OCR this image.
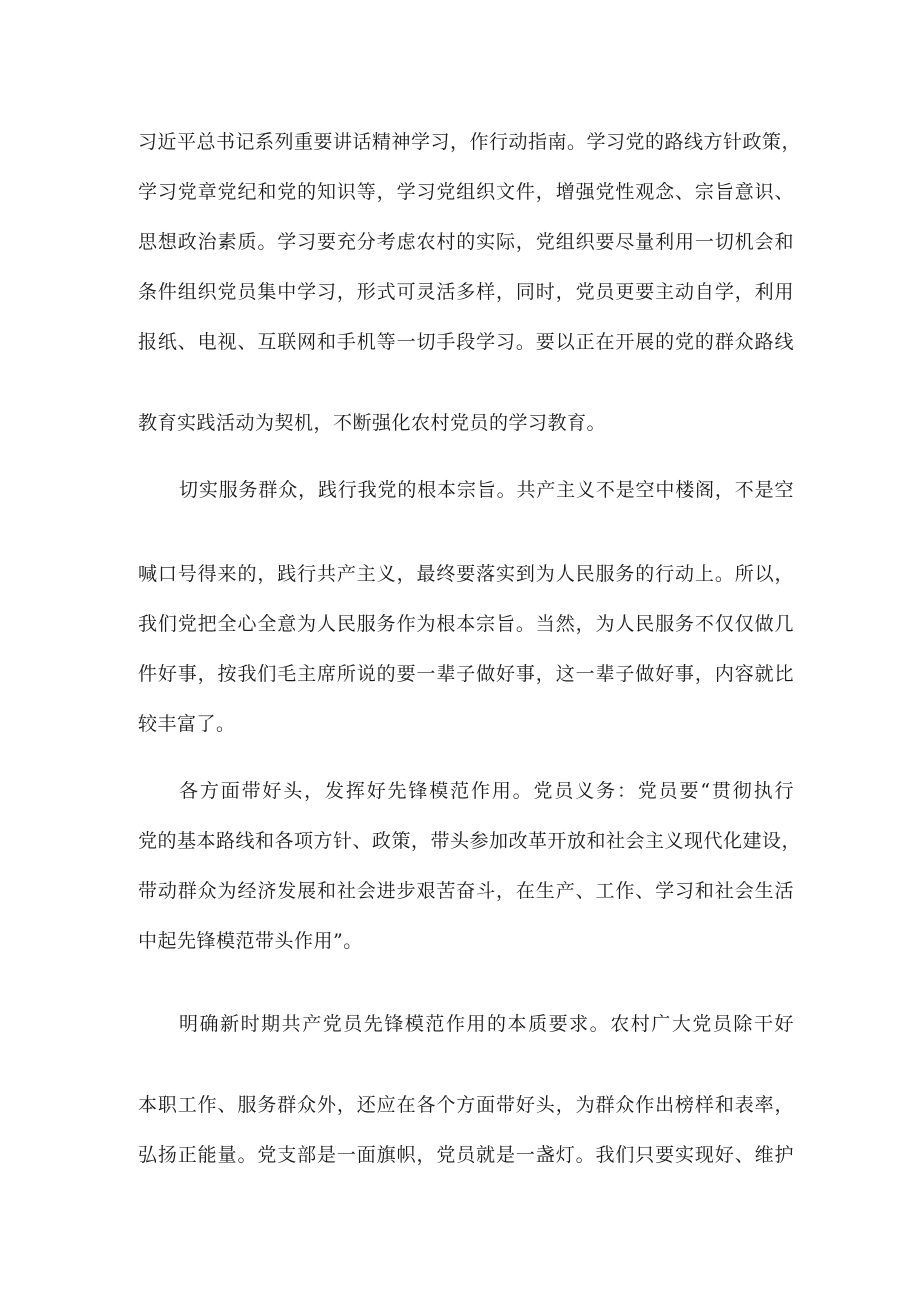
习近平总书记系列重要讲话精神学习，作行动指南。学习党的路线方针政策，
学习党章党纪和党的知识等，学习党组织文件，增强党性观念、宗旨意识、
思想政治素质。学习要充分考虑农村的实际，党组织要尽量利用一切机会和
条件组织党员集中学习，形式可灵活多样，同时，党员更要主动自学，利用
报纸、电视、互联网和手机等一切手段学习。要以正在开展的党的群众路线
教育实践活动为契机，不断强化农村党员的学习教育。
切实服务群众，践行我党的根本宗旨。共产主义不是空中楼阁，不是空
喊口号得来的，践行共产主义，最终要落实到为人民服务的行动上。所以，
我们党把全心全意为人民服务作为根本宗旨。当然，为人民服务不仅仅做几
件好事，按我们毛主席所说的要一辈子做好事，这一辈子做好事，内容就比
较丰富了。
各方面带好头，发挥好先锋模范作用。党员义务：党员要“贯彻执行
党的基本路线和各项方针、政策，带头参加改革开放和社会主义现代化建设，
带动群众为经济发展和社会进步艰苦奋斗，在生产、工作、学习和社会生活
中起先锋模范带头作用”。
明确新时期共产党员先锋模范作用的本质要求。农村广大党员除干好
本职工作、服务群众外，还应在各个方面带好头，为群众作出榜样和表率，
弘扬正能量。党支部是一面旗帜，党员就是一盏灯。我们只要实现好、维护
